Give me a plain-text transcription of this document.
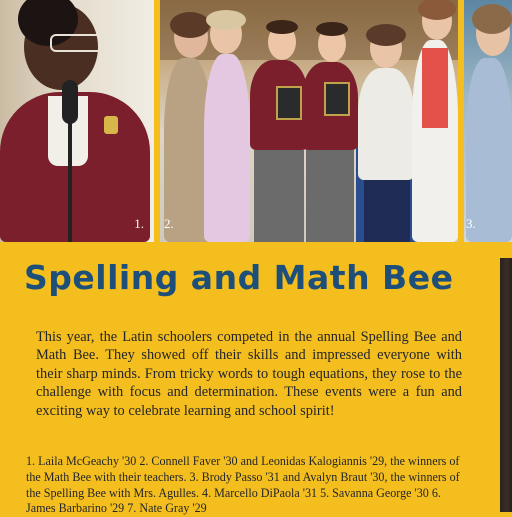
1. 2.	3.
Spelling and Math Bee

This year, the Latin schoolers competed in the annual Spelling Bee and Math Bee. They showed off their skills and impressed everyone with their sharp minds. From tricky words to tough equations, they rose to the challenge with focus and determination. These events were a fun and exciting way to celebrate learning and school spirit!

1. Laila McGeachy '30 2. Connell Faver '30 and Leonidas Kalogiannis '29, the winners of the Math Bee with their teachers. 3. Brody Passo '31 and Avalyn Braut '30, the winners of the Spelling Bee with Mrs. Agulles. 4. Marcello DiPaola '31 5. Savanna George '30 6. James Barbarino '29 7. Nate Gray '29
